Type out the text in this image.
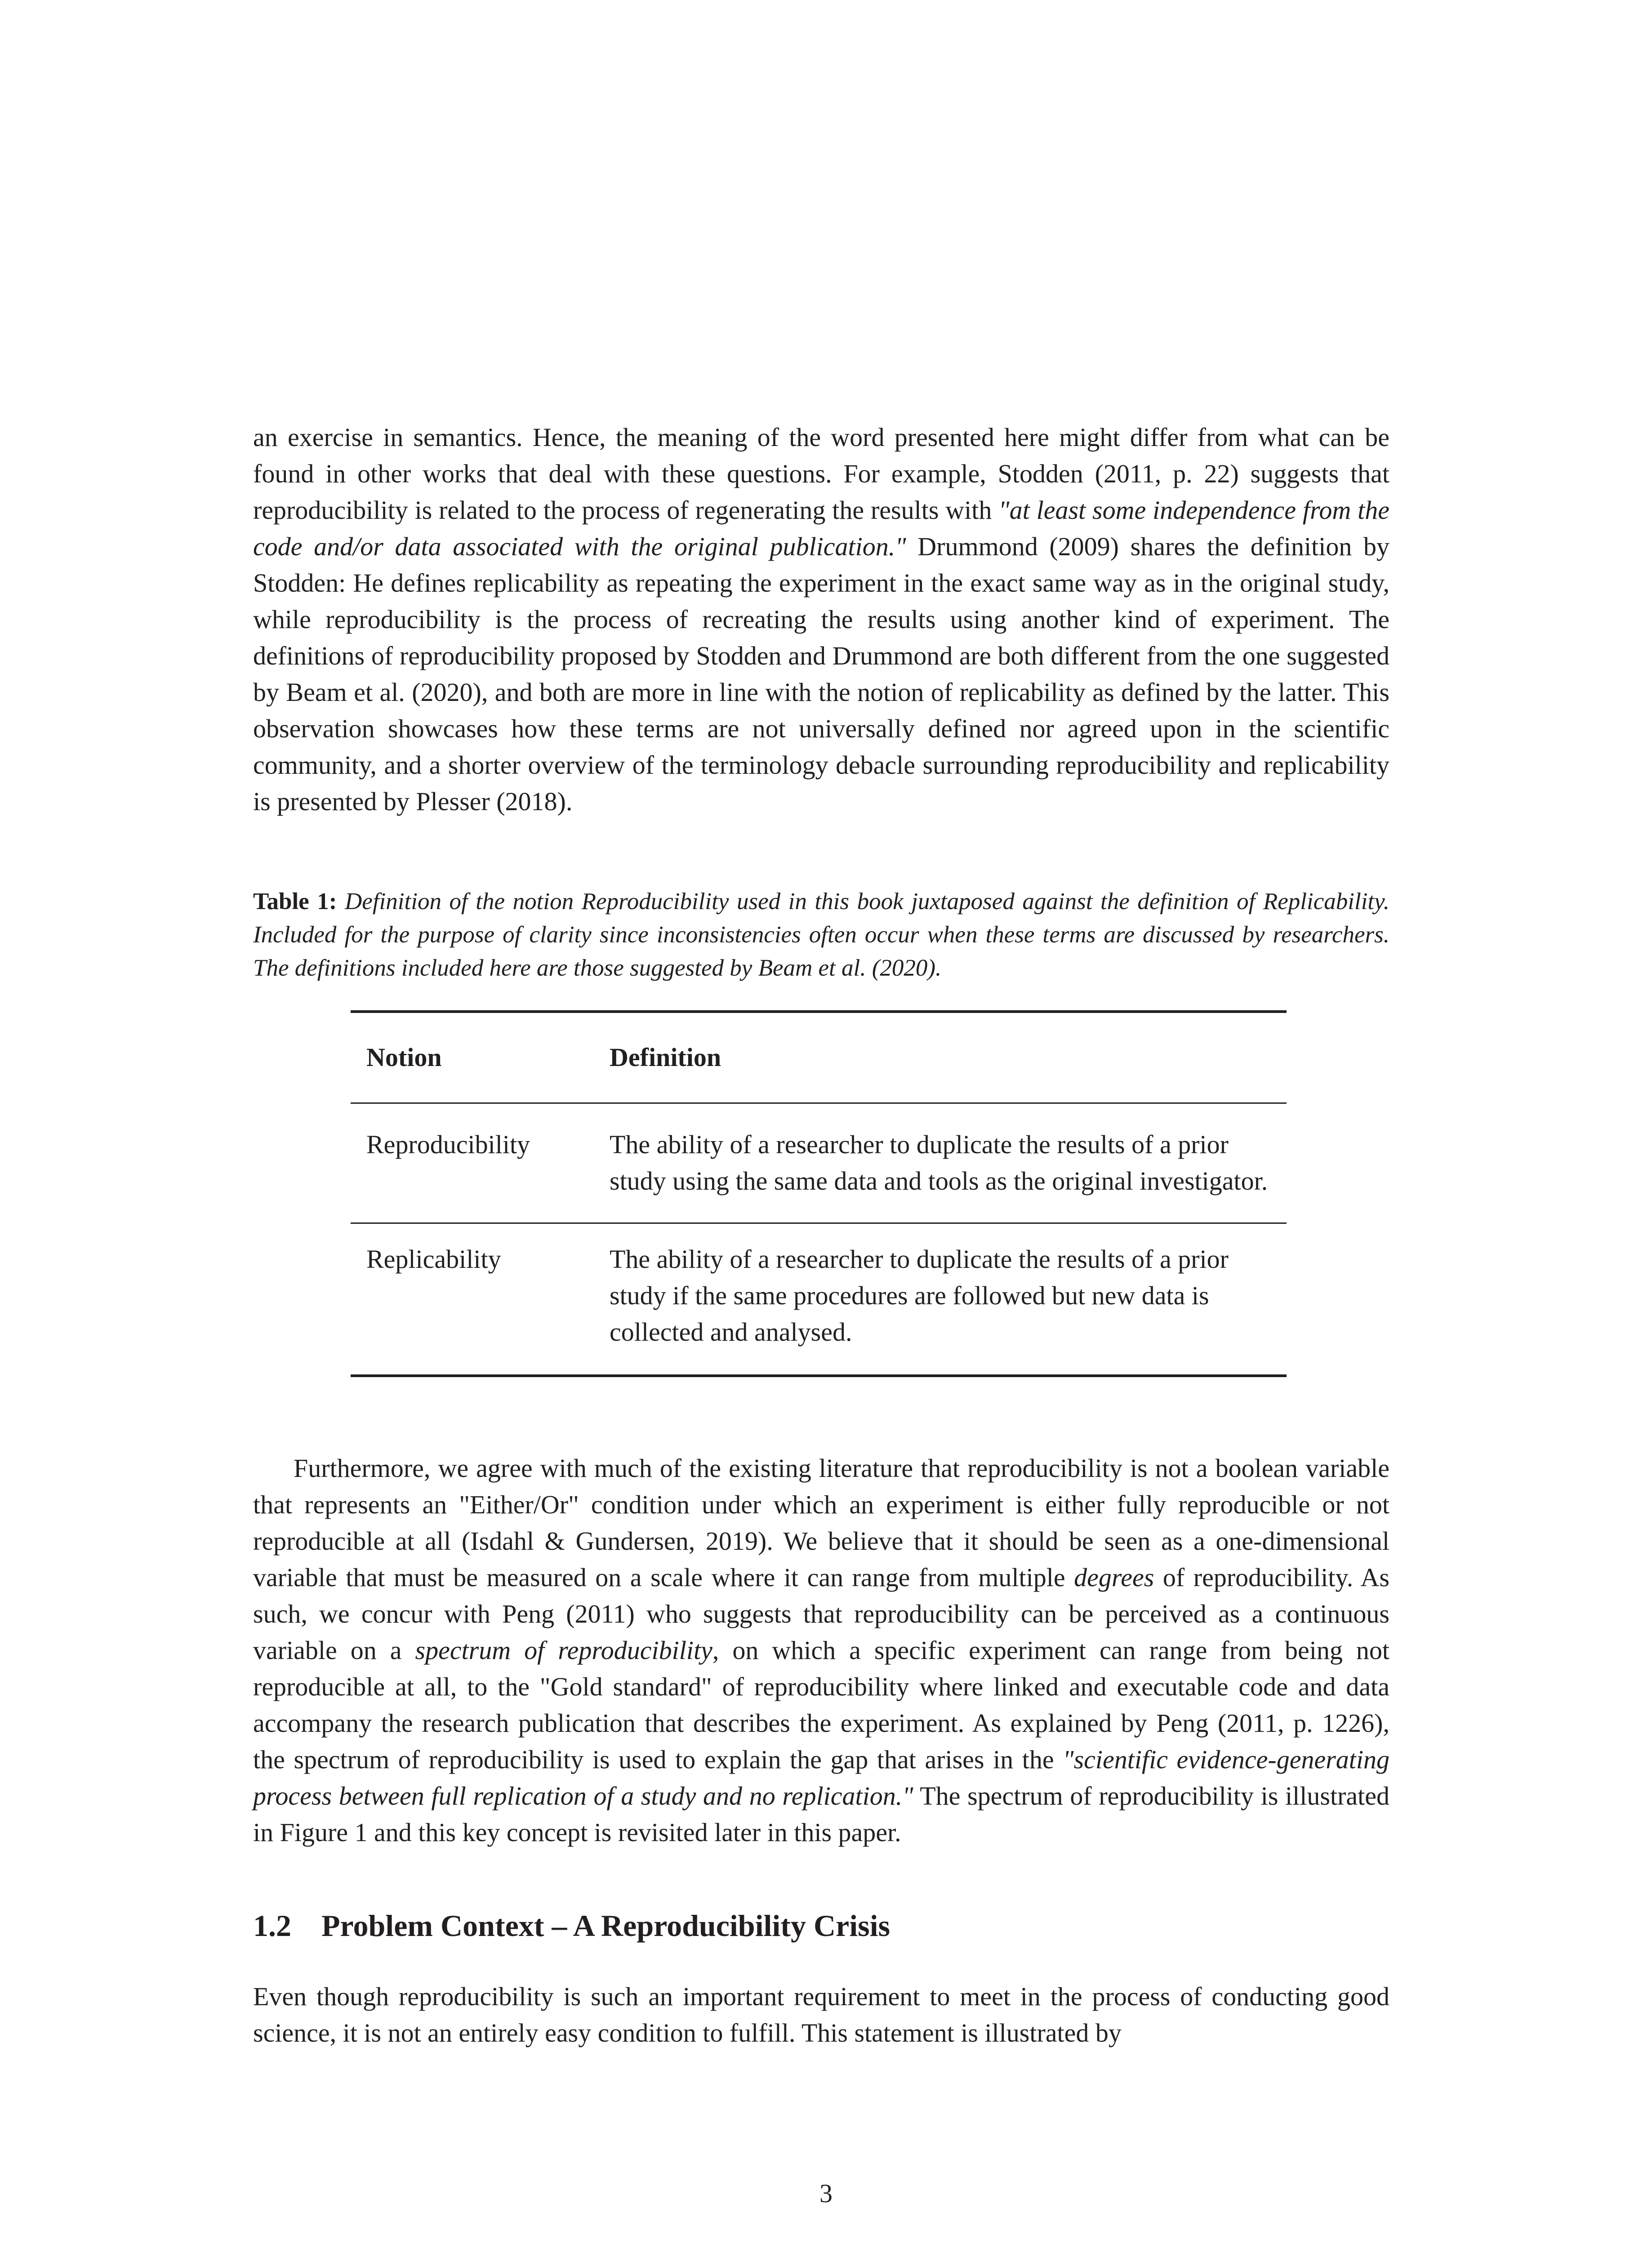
an exercise in semantics. Hence, the meaning of the word presented here might differ from what can be found in other works that deal with these questions. For example, Stodden (2011, p. 22) suggests that reproducibility is related to the process of regenerating the results with "at least some independence from the code and/or data associated with the original publication." Drummond (2009) shares the definition by Stodden: He defines replicability as repeating the experiment in the exact same way as in the original study, while reproducibility is the process of recreating the results using another kind of experiment. The definitions of reproducibility proposed by Stodden and Drummond are both different from the one suggested by Beam et al. (2020), and both are more in line with the notion of replicability as defined by the latter. This observation showcases how these terms are not universally defined nor agreed upon in the scientific community, and a shorter overview of the terminology debacle surrounding reproducibility and replicability is presented by Plesser (2018).

Table 1: Definition of the notion Reproducibility used in this book juxtaposed against the definition of Replicability. Included for the purpose of clarity since inconsistencies often occur when these terms are discussed by researchers. The definitions included here are those suggested by Beam et al. (2020).

Notion	Definition
Reproducibility	The ability of a researcher to duplicate the results of a prior study using the same data and tools as the original investigator.
Replicability	The ability of a researcher to duplicate the results of a prior study if the same procedures are followed but new data is collected and analysed.

Furthermore, we agree with much of the existing literature that reproducibility is not a boolean variable that represents an "Either/Or" condition under which an experiment is either fully reproducible or not reproducible at all (Isdahl & Gundersen, 2019). We believe that it should be seen as a one-dimensional variable that must be measured on a scale where it can range from multiple degrees of reproducibility. As such, we concur with Peng (2011) who suggests that reproducibility can be perceived as a continuous variable on a spectrum of reproducibility, on which a specific experiment can range from being not reproducible at all, to the "Gold standard" of reproducibility where linked and executable code and data accompany the research publication that describes the experiment. As explained by Peng (2011, p. 1226), the spectrum of reproducibility is used to explain the gap that arises in the "scientific evidence-generating process between full replication of a study and no replication." The spectrum of reproducibility is illustrated in Figure 1 and this key concept is revisited later in this paper.

1.2 Problem Context – A Reproducibility Crisis

Even though reproducibility is such an important requirement to meet in the process of conducting good science, it is not an entirely easy condition to fulfill. This statement is illustrated by

3
